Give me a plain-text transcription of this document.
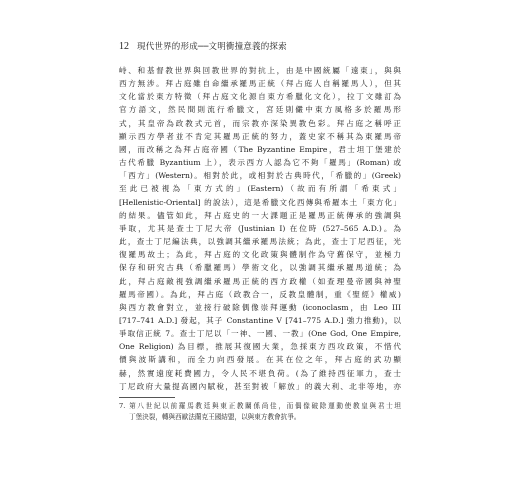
12 現代世界的形成──文明衝撞意義的探索
峙、和基督教世界與回教世界的對抗上，由是中國統屬「遠東」，與與
西方無涉。拜占庭雖自命繼承羅馬正統（拜占庭人自稱羅馬人），但其
文化當於東方特徵（拜占庭文化源自東方希臘化文化），拉丁文雖訂為
官方語文，然民間則流行希臘文，宮廷則儼中東方風格多於羅馬形
式，其皇帝為政教式元首，而宗教亦深染異教色彩。拜占庭之稱呼正
顯示西方學者並不肯定其羅馬正統的努力，蓋史家不稱其為東羅馬帝
國，而改稱之為拜占庭帝國（The Byzantine Empire，君士坦丁堡建於
古代希臘 Byzantium 上），表示西方人認為它不夠「羅馬」(Roman) 或
「西方」(Western)。相對於此，或相對於古典時代，「希臘的」(Greek)
至此已被視為「東方式的」(Eastern)（故而有所謂「希東式」
[Hellenistic-Oriental] 的說法），這是希臘文化西傳與希羅本土「東方化」
的結果。儘管如此，拜占庭史的一大課題正是羅馬正統傳承的強調與
爭取，尤其是查士丁尼大帝 (Justinian I) 在位時 (527–565 A.D.)。為
此，查士丁尼編法典，以強調其繼承羅馬法統；為此，查士丁尼西征，光
復羅馬故土；為此，拜占庭的文化政策與體制作為守舊保守，並極力
保存和研究古典（希臘羅馬）學術文化，以強調其繼承羅馬道統；為
此，拜占庭敵視強調繼承羅馬正統的西方政權（如查理曼帝國與神聖
羅馬帝國）。為此，拜占庭（政教合一，反教皇體制，重《聖經》權威)
與西方教會對立，並接行破除偶像崇拜運動 (iconoclasm，由 Leo III
[717–741 A.D.] 發起，其子 Constantine V [741–775 A.D.] 強力推動)，以
爭取信正統 7。查士丁尼以「一神、一國、一教」(One God, One Empire,
One Religion) 為目標，推展其復國大業，急採東方西攻政策，不惜代
價與波斯講和，而全力向西發展。在其在位之年，拜占庭的武功顯
赫，然實遠度耗費國力，令人民不堪負荷。(為了維持西征軍力，查士
丁尼政府大量提高國內賦稅，甚至對被「解放」的義大利、北非等地，亦
7. 第八世紀以前羅馬教廷與東正教關係尚佳，而偶像破除運動使教皇與君士坦
丁堡決裂，轉與西歐法蘭克王國結盟，以與東方教會抗爭。
